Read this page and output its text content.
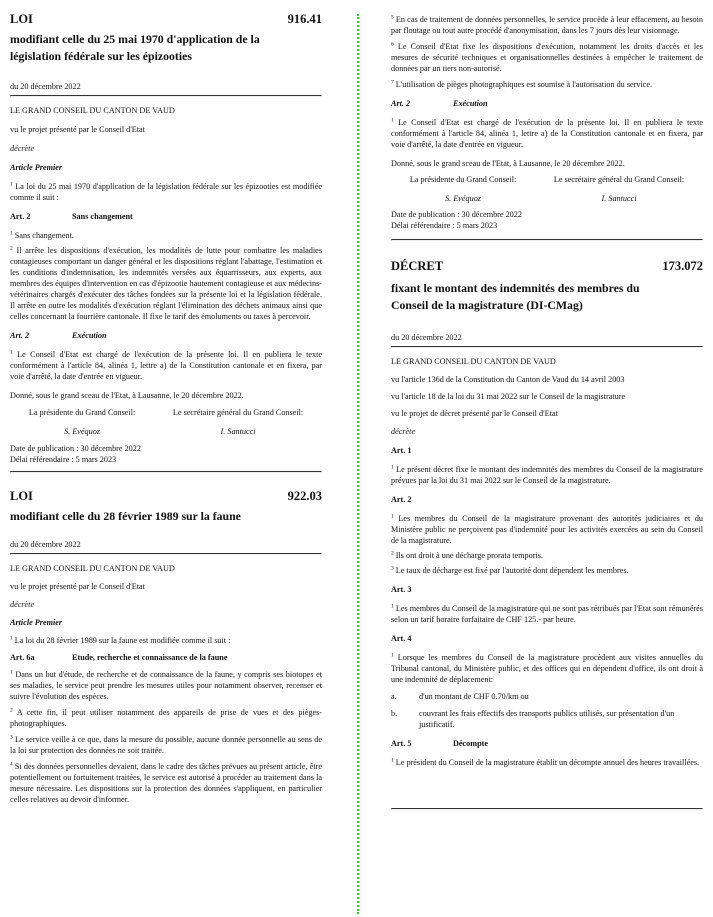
LOI	916.41
modifiant celle du 25 mai 1970 d'application de la
législation fédérale sur les épizooties

du 20 décembre 2022

LE GRAND CONSEIL DU CANTON DE VAUD

vu le projet présenté par le Conseil d'Etat

décrète

Article Premier

$^1$ La loi du 25 mai 1970 d'application de la législation fédérale sur les épizooties est modifiée comme il suit :

Art. 2	Sans changement

$^1$ Sans changement.

$^2$ Il arrête les dispositions d'exécution, les modalités de lutte pour combattre les maladies contagieuses comportant un danger général et les dispositions réglant l'abattage, l'estimation et les conditions d'indemnisation, les indemnités versées aux équarrisseurs, aux experts, aux membres des équipes d'intervention en cas d'épizootie hautement contagieuse et aux médecins-vétérinaires chargés d'exécuter des tâches fondées sur la présente loi et la législation fédérale. Il arrête en outre les modalités d'exécution réglant l'élimination des déchets animaux ainsi que celles concernant la fourrière cantonale. Il fixe le tarif des émoluments ou taxes à percevoir.

Art. 2	Exécution

$^1$ Le Conseil d'Etat est chargé de l'exécution de la présente loi. Il en publiera le texte conformément à l'article 84, alinéa 1, lettre a) de la Constitution cantonale et en fixera, par voie d'arrêté, la date d'entrée en vigueur.

Donné, sous le grand sceau de l'Etat, à Lausanne, le 20 décembre 2022.

La présidente du Grand Conseil:
S. Evéquoz
Le secrétaire général du Grand Conseil:
I. Santucci

Date de publication : 30 décembre 2022

Délai référendaire : 5 mars 2023

LOI	922.03
modifiant celle du 28 février 1989 sur la faune

du 20 décembre 2022

LE GRAND CONSEIL DU CANTON DE VAUD

vu le projet présenté par le Conseil d'Etat

décrète

Article Premier

$^1$ La loi du 28 février 1989 sur la faune est modifiée comme il suit :

Art. 6a	Etude, recherche et connaissance de la faune

$^1$ Dans un but d'étude, de recherche et de connaissance de la faune, y compris ses biotopes et ses maladies, le service peut prendre les mesures utiles pour notamment observer, recenser et suivre l'évolution des espèces.

$^2$ A cette fin, il peut utiliser notamment des appareils de prise de vues et des pièges-photographiques.

$^3$ Le service veille à ce que, dans la mesure du possible, aucune donnée personnelle au sens de la loi sur protection des données ne soit traitée.

$^4$ Si des données personnelles devaient, dans le cadre des tâches prévues au présent article, être potentiellement ou fortuitement traitées, le service est autorisé à procéder au traitement dans la mesure nécessaire. Les dispositions sur la protection des données s'appliquent, en particulier celles relatives au devoir d'informer.

$^5$ En cas de traitement de données personnelles, le service procède à leur effacement, au besoin par floutage ou tout autre procédé d'anonymisation, dans les 7 jours dès leur visionnage.

$^6$ Le Conseil d'Etat fixe les dispositions d'exécution, notamment les droits d'accès et les mesures de sécurité techniques et organisationnelles destinées à empêcher le traitement de données par un tiers non-autorisé.

$^7$ L'utilisation de pièges photographiques est soumise à l'autorisation du service.

Art. 2	Exécution

$^1$ Le Conseil d'Etat est chargé de l'exécution de la présente loi. Il en publiera le texte conformément à l'article 84, alinéa 1, lettre a) de la Constitution cantonale et en fixera, par voie d'arrêté, la date d'entrée en vigueur.

Donné, sous le grand sceau de l'Etat, à Lausanne, le 20 décembre 2022.

La présidente du Grand Conseil:
S. Evéquoz
Le secrétaire général du Grand Conseil:
I. Santucci

Date de publication : 30 décembre 2022

Délai référendaire : 5 mars 2023

DÉCRET	173.072
fixant le montant des indemnités des membres du
Conseil de la magistrature (DI-CMag)

du 20 décembre 2022

LE GRAND CONSEIL DU CANTON DE VAUD

vu l'article 136d de la Constitution du Canton de Vaud du 14 avril 2003

vu l'article 18 de la loi du 31 mai 2022 sur le Conseil de la magistrature

vu le projet de décret présenté par le Conseil d'Etat

décrète

Art. 1

$^1$ Le présent décret fixe le montant des indemnités des membres du Conseil de la magistrature prévues par la loi du 31 mai 2022 sur le Conseil de la magistrature.

Art. 2

$^1$ Les membres du Conseil de la magistrature provenant des autorités judiciaires et du Ministère public ne perçoivent pas d'indemnité pour les activités exercées au sein du Conseil de la magistrature.

$^2$ Ils ont droit à une décharge prorata temporis.

$^3$ Le taux de décharge est fixé par l'autorité dont dépendent les membres.

Art. 3

$^1$ Les membres du Conseil de la magistrature qui ne sont pas rétribués par l'Etat sont rémunérés selon un tarif horaire forfaitaire de CHF 125.- par heure.

Art. 4

$^1$ Lorsque les membres du Conseil de la magistrature procèdent aux visites annuelles du Tribunal cantonal, du Ministère public, et des offices qui en dépendent d'office, ils ont droit à une indemnité de déplacement:

a.	d'un montant de CHF 0.70/km ou
b.	couvrant les frais effectifs des transports publics utilisés, sur présentation d'un justificatif.
Art. 5	Décompte

$^1$ Le président du Conseil de la magistrature établit un décompte annuel des heures travaillées.
